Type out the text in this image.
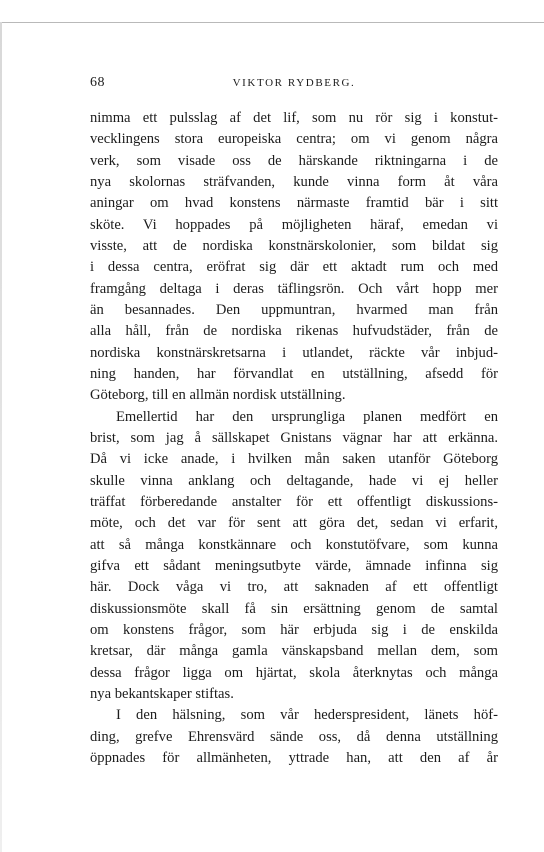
68	VIKTOR RYDBERG.
nimma ett pulsslag af det lif, som nu rör sig i konstut-
vecklingens stora europeiska centra; om vi genom några
verk, som visade oss de härskande riktningarna i de
nya skolornas sträfvanden, kunde vinna form åt våra
aningar om hvad konstens närmaste framtid bär i sitt
sköte. Vi hoppades på möjligheten häraf, emedan vi
visste, att de nordiska konstnärskolonier, som bildat sig
i dessa centra, eröfrat sig där ett aktadt rum och med
framgång deltaga i deras täflingsrön. Och vårt hopp mer
än besannades. Den uppmuntran, hvarmed man från
alla håll, från de nordiska rikenas hufvudstäder, från de
nordiska konstnärskretsarna i utlandet, räckte vår inbjud-
ning handen, har förvandlat en utställning, afsedd för
Göteborg, till en allmän nordisk utställning.
Emellertid har den ursprungliga planen medfört en
brist, som jag å sällskapet Gnistans vägnar har att erkänna.
Då vi icke anade, i hvilken mån saken utanför Göteborg
skulle vinna anklang och deltagande, hade vi ej heller
träffat förberedande anstalter för ett offentligt diskussions-
möte, och det var för sent att göra det, sedan vi erfarit,
att så många konstkännare och konstutöfvare, som kunna
gifva ett sådant meningsutbyte värde, ämnade infinna sig
här. Dock våga vi tro, att saknaden af ett offentligt
diskussionsmöte skall få sin ersättning genom de samtal
om konstens frågor, som här erbjuda sig i de enskilda
kretsar, där många gamla vänskapsband mellan dem, som
dessa frågor ligga om hjärtat, skola återknytas och många
nya bekantskaper stiftas.
I den hälsning, som vår hederspresident, länets höf-
ding, grefve Ehrensvärd sände oss, då denna utställning
öppnades för allmänheten, yttrade han, att den af år
